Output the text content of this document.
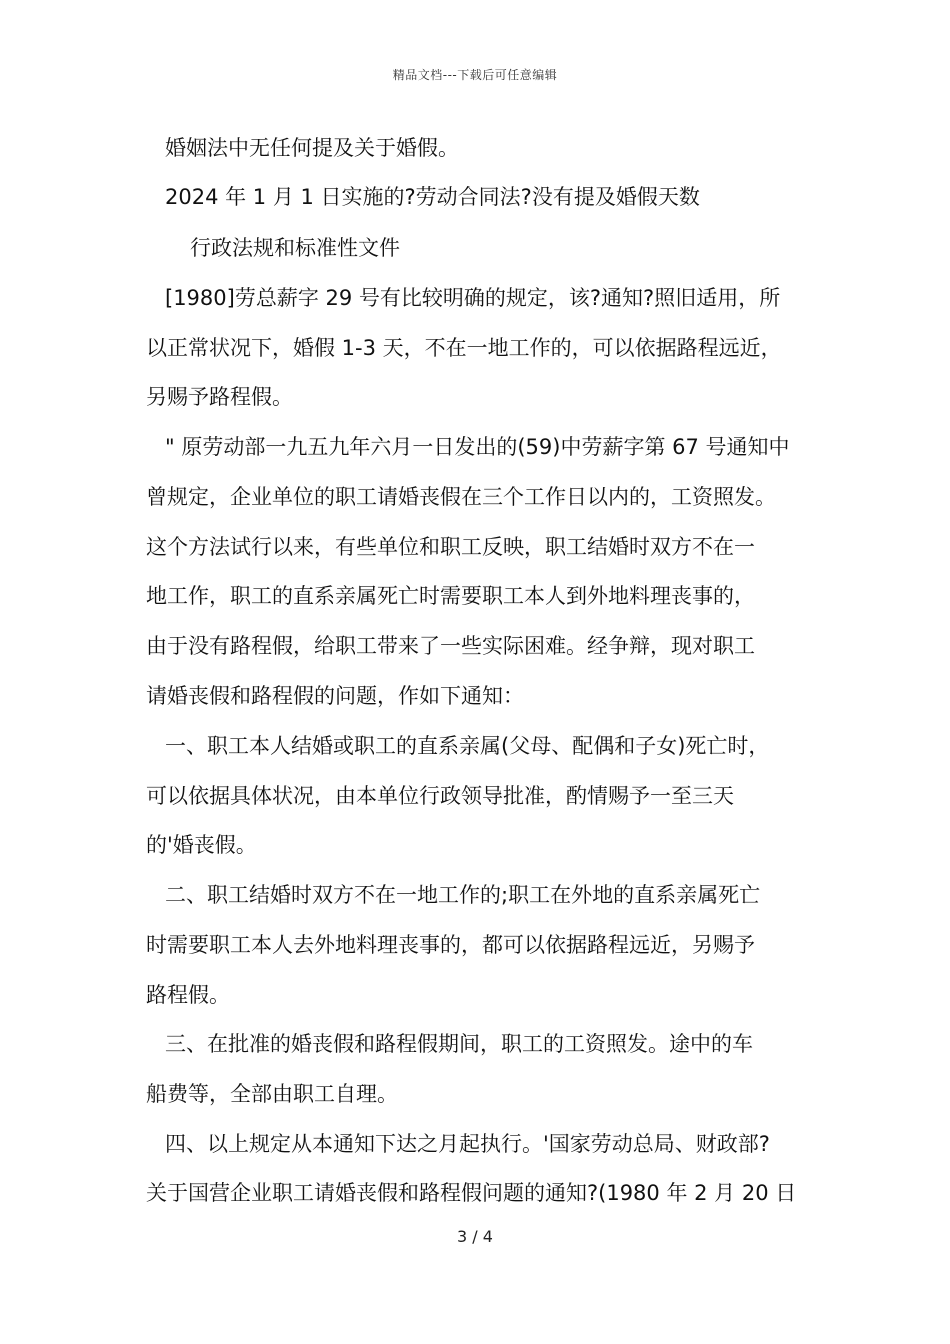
精品文档---下载后可任意编辑
婚姻法中无任何提及关于婚假。
2024 年 1 月 1 日实施的?劳动合同法?没有提及婚假天数
行政法规和标准性文件
[1980]劳总薪字 29 号有比较明确的规定，该?通知?照旧适用，所
以正常状况下，婚假 1-3 天，不在一地工作的，可以依据路程远近，
另赐予路程假。
" 原劳动部一九五九年六月一日发出的(59)中劳薪字第 67 号通知中
曾规定，企业单位的职工请婚丧假在三个工作日以内的，工资照发。
这个方法试行以来，有些单位和职工反映，职工结婚时双方不在一
地工作，职工的直系亲属死亡时需要职工本人到外地料理丧事的，
由于没有路程假，给职工带来了一些实际困难。经争辩，现对职工
请婚丧假和路程假的问题，作如下通知：
一、职工本人结婚或职工的直系亲属(父母、配偶和子女)死亡时，
可以依据具体状况，由本单位行政领导批准，酌情赐予一至三天
的'婚丧假。
二、职工结婚时双方不在一地工作的;职工在外地的直系亲属死亡
时需要职工本人去外地料理丧事的，都可以依据路程远近，另赐予
路程假。
三、在批准的婚丧假和路程假期间，职工的工资照发。途中的车
船费等，全部由职工自理。
四、以上规定从本通知下达之月起执行。'国家劳动总局、财政部?
关于国营企业职工请婚丧假和路程假问题的通知?(1980 年 2 月 20 日
3 / 4
